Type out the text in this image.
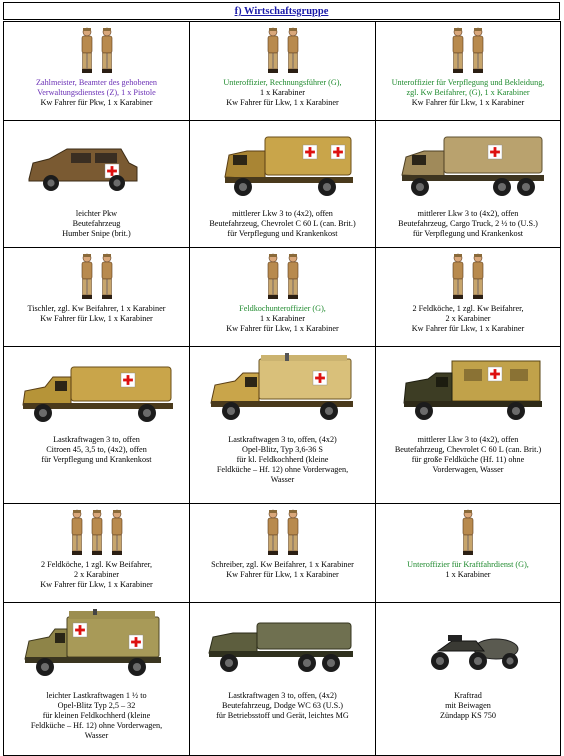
f) Wirtschaftsgruppe
Zahlmeister, Beamter des gehobenen
Verwaltungsdienstes (Z), 1 x Pistole
Kw Fahrer für Pkw, 1 x Karabiner	Unteroffizier, Rechnungsführer (G),
1 x Karabiner
Kw Fahrer für Lkw, 1 x Karabiner	Unteroffizier für Verpflegung und Bekleidung,
zgl. Kw Beifahrer, (G), 1 x Karabiner
Kw Fahrer für Lkw, 1 x Karabiner

leichter Pkw
Beutefahrzeug
Humber Snipe (brit.)	mittlerer Lkw 3 to (4x2), offen
Beutefahrzeug, Chevrolet C 60 L (can. Brit.)
für Verpflegung und Krankenkost	mittlerer Lkw 3 to (4x2), offen
Beutefahrzeug, Cargo Truck, 2 ½ to (U.S.)
für Verpflegung und Krankenkost

Tischler, zgl. Kw Beifahrer, 1 x Karabiner
Kw Fahrer für Lkw, 1 x Karabiner	Feldkochunteroffizier (G),
1 x Karabiner
Kw Fahrer für Lkw, 1 x Karabiner	2 Feldköche, 1 zgl. Kw Beifahrer,
2 x Karabiner
Kw Fahrer für Lkw, 1 x Karabiner

Lastkraftwagen 3 to, offen
Citroen 45, 3,5 to, (4x2), offen
für Verpflegung und Krankenkost	Lastkraftwagen 3 to, offen, (4x2)
Opel-Blitz, Typ 3,6-36 S
für kl. Feldkochherd (kleine
Feldküche – Hf. 12) ohne Vorderwagen,
Wasser	mittlerer Lkw 3 to (4x2), offen
Beutefahrzeug, Chevrolet C 60 L (can. Brit.)
für große Feldküche (Hf. 11) ohne
Vorderwagen, Wasser

2 Feldköche, 1 zgl. Kw Beifahrer,
2 x Karabiner
Kw Fahrer für Lkw, 1 x Karabiner	Schreiber, zgl. Kw Beifahrer, 1 x Karabiner
Kw Fahrer für Lkw, 1 x Karabiner	Unteroffizier für Kraftfahrdienst (G),
1 x Karabiner

leichter Lastkraftwagen 1 ½ to
Opel-Blitz Typ 2,5 – 32
für kleinen Feldkochherd (kleine
Feldküche – Hf. 12) ohne Vorderwagen,
Wasser	Lastkraftwagen 3 to, offen, (4x2)
Beutefahrzeug, Dodge WC 63 (U.S.)
für Betriebsstoff und Gerät, leichtes MG	Kraftrad
mit Beiwagen
Zündapp KS 750
